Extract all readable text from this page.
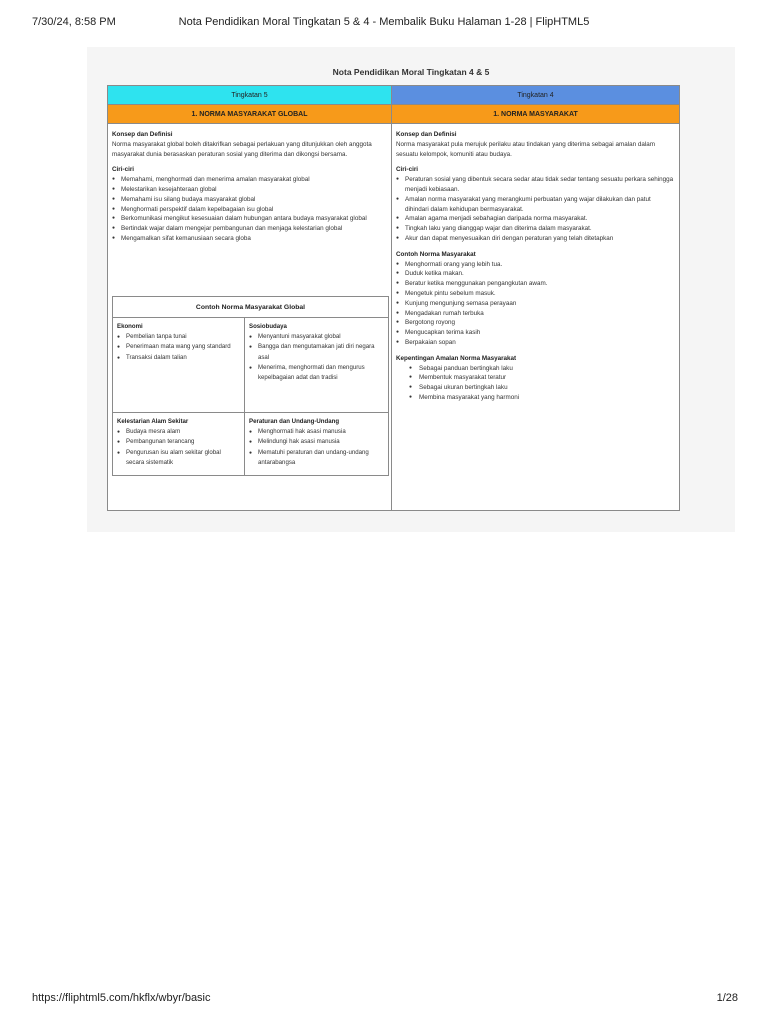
7/30/24, 8:58 PM	Nota Pendidikan Moral Tingkatan 5 & 4 - Membalik Buku Halaman 1-28 | FlipHTML5
Nota Pendidikan Moral Tingkatan 4 & 5
Tingkatan 5
1. NORMA MASYARAKAT GLOBAL
Konsep dan Definisi
Norma masyarakat global boleh ditakrifkan sebagai perlakuan yang ditunjukkan oleh anggota masyarakat dunia berasaskan peraturan sosial yang diterima dan dikongsi bersama.
Ciri-ciri
● Memahami, menghormati dan menerima amalan masyarakat global
● Melestarikan kesejahteraan global
● Memahami isu silang budaya masyarakat global
● Menghormati perspektif dalam kepelbagaian isu global
● Berkomunikasi mengikut kesesuaian dalam hubungan antara budaya masyarakat global
● Bertindak wajar dalam mengejar pembangunan dan menjaga kelestarian global
● Mengamalkan sifat kemanusiaan secara globa
Contoh Norma Masyarakat Global
Ekonomi
● Pembelian tanpa tunai
● Penerimaan mata wang yang standard
● Transaksi dalam talian
Sosiobudaya
● Menyantuni masyarakat global
● Bangga dan mengutamakan jati diri negara asal
● Menerima, menghormati dan mengurus kepelbagaian adat dan tradisi
Kelestarian Alam Sekitar
● Budaya mesra alam
● Pembangunan terancang
● Pengurusan isu alam sekitar global secara sistematik
Peraturan dan Undang-Undang
● Menghormati hak asasi manusia
● Melindungi hak asasi manusia
● Mematuhi peraturan dan undang-undang antarabangsa
Tingkatan 4
1. NORMA MASYARAKAT
Konsep dan Definisi
Norma masyarakat pula merujuk perilaku atau tindakan yang diterima sebagai amalan dalam sesuatu kelompok, komuniti atau budaya.
Ciri-ciri
● Peraturan sosial yang dibentuk secara sedar atau tidak sedar tentang sesuatu perkara sehingga menjadi kebiasaan.
● Amalan norma masyarakat yang merangkumi perbuatan yang wajar dilakukan dan patut dihindari dalam kehidupan bermasyarakat.
● Amalan agama menjadi sebahagian daripada norma masyarakat.
● Tingkah laku yang dianggap wajar dan diterima dalam masyarakat.
● Akur dan dapat menyesuaikan diri dengan peraturan yang telah ditetapkan
Contoh Norma Masyarakat
● Menghormati orang yang lebih tua.
● Duduk ketika makan.
● Beratur ketika menggunakan pengangkutan awam.
● Mengetuk pintu sebelum masuk.
● Kunjung mengunjung semasa perayaan
● Mengadakan rumah terbuka
● Bergotong royong
● Mengucapkan terima kasih
● Berpakaian sopan
Kepentingan Amalan Norma Masyarakat
● Sebagai panduan bertingkah laku
● Membentuk masyarakat teratur
● Sebagai ukuran bertingkah laku
● Membina masyarakat yang harmoni
https://fliphtml5.com/hkflx/wbyr/basic	1/28
